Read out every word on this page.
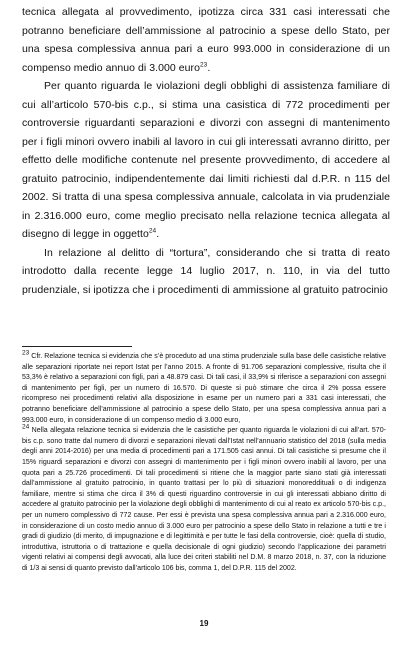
tecnica allegata al provvedimento, ipotizza circa 331 casi interessati che potranno beneficiare dell’ammissione al patrocinio a spese dello Stato, per una spesa complessiva annua pari a euro 993.000 in considerazione di un compenso medio annuo di 3.000 euro$^{23}$.

Per quanto riguarda le violazioni degli obblighi di assistenza familiare di cui all’articolo 570-bis c.p., si stima una casistica di 772 procedimenti per controversie riguardanti separazioni e divorzi con assegni di mantenimento per i figli minori ovvero inabili al lavoro in cui gli interessati avranno diritto, per effetto delle modifiche contenute nel presente provvedimento, di accedere al gratuito patrocinio, indipendentemente dai limiti richiesti dal d.P.R. n 115 del 2002. Si tratta di una spesa complessiva annuale, calcolata in via prudenziale in 2.316.000 euro, come meglio precisato nella relazione tecnica allegata al disegno di legge in oggetto$^{24}$.

In relazione al delitto di “tortura”, considerando che si tratta di reato introdotto dalla recente legge 14 luglio 2017, n. 110, in via del tutto prudenziale, si ipotizza che i procedimenti di ammissione al gratuito patrocinio

$^{23}$ Cfr. Relazione tecnica si evidenzia che s’è proceduto ad una stima prudenziale sulla base delle casistiche relative alle separazioni riportate nei report Istat per l’anno 2015. A fronte di 91.706 separazioni complessive, risulta che il 53,3% è relativo a separazioni con figli, pari a 48.879 casi. Di tali casi, il 33,9% si riferisce a separazioni con assegni di mantenimento per figli, per un numero di 16.570. Di queste si può stimare che circa il 2% possa essere ricompreso nei procedimenti relativi alla disposizione in esame per un numero pari a 331 casi interessati, che potranno beneficiare dell’ammissione al patrocinio a spese dello Stato, per una spesa complessiva annua pari a 993.000 euro, in considerazione di un compenso medio di 3.000 euro,

$^{24}$ Nella allegata relazione tecnica si evidenzia che le casistiche per quanto riguarda le violazioni di cui all’art. 570-bis c.p. sono tratte dal numero di divorzi e separazioni rilevati dall’Istat nell’annuario statistico del 2018 (sulla media degli anni 2014-2016) per una media di procedimenti pari a 171.505 casi annui. Di tali casistiche si presume che il 15% riguardi separazioni e divorzi con assegni di mantenimento per i figli minori ovvero inabili al lavoro, per una quota pari a 25.726 procedimenti. Di tali procedimenti si ritiene che la maggior parte siano stati già interessati dall’ammissione al gratuito patrocinio, in quanto trattasi per lo più di situazioni monoreddituali o di indigenza familiare, mentre si stima che circa il 3% di questi riguardino controversie in cui gli interessati abbiano diritto di accedere al gratuito patrocinio per la violazione degli obblighi di mantenimento di cui al reato ex articolo 570-bis c.p., per un numero complessivo di 772 cause. Per essi è prevista una spesa complessiva annua pari a 2.316.000 euro, in considerazione di un costo medio annuo di 3.000 euro per patrocinio a spese dello Stato in relazione a tutti e tre i gradi di giudizio (di merito, di impugnazione e di legittimità e per tutte le fasi della controversie, cioè: quella di studio, introduttiva, istruttoria o di trattazione e quella decisionale di ogni giudizio) secondo l’applicazione dei parametri vigenti relativi ai compensi degli avvocati, alla luce dei criteri stabiliti nel D.M. 8 marzo 2018, n. 37, con la riduzione di 1/3 ai sensi di quanto previsto dall’articolo 106 bis, comma 1, del D.P.R. 115 del 2002.

19
